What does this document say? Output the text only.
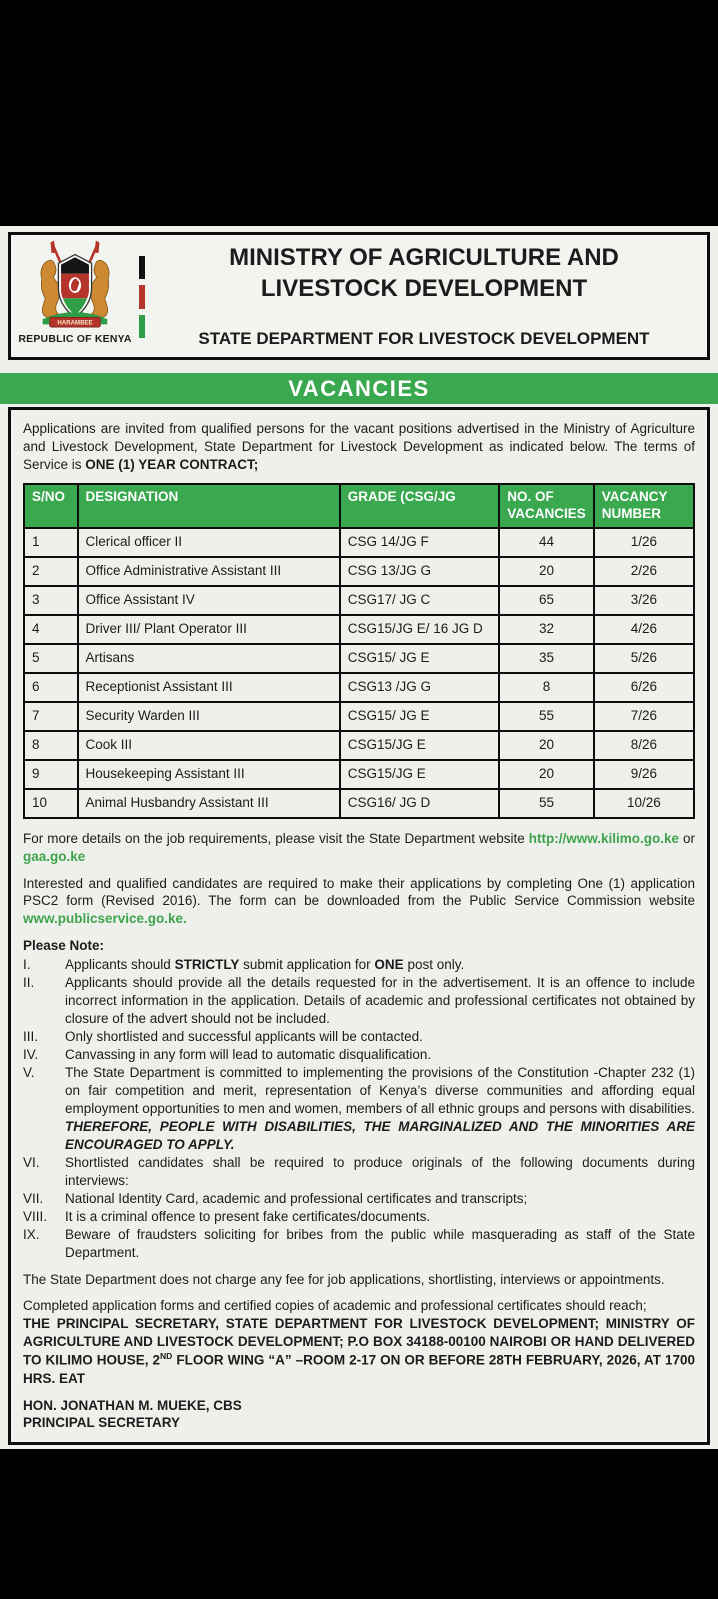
HARAMBEE
REPUBLIC OF KENYA
MINISTRY OF AGRICULTURE AND
LIVESTOCK DEVELOPMENT
STATE DEPARTMENT FOR LIVESTOCK DEVELOPMENT
VACANCIES

Applications are invited from qualified persons for the vacant positions advertised in the Ministry of Agriculture and Livestock Development, State Department for Livestock Development as indicated below. The terms of Service is ONE (1) YEAR CONTRACT;

S/NO	DESIGNATION	GRADE (CSG/JG	NO. OF VACANCIES	VACANCY NUMBER
1	Clerical officer II	CSG 14/JG F	44	1/26
2	Office Administrative Assistant III	CSG 13/JG G	20	2/26
3	Office Assistant IV	CSG17/ JG C	65	3/26
4	Driver III/ Plant Operator III	CSG15/JG E/ 16 JG D	32	4/26
5	Artisans	CSG15/ JG E	35	5/26
6	Receptionist Assistant III	CSG13 /JG G	8	6/26
7	Security Warden III	CSG15/ JG E	55	7/26
8	Cook III	CSG15/JG E	20	8/26
9	Housekeeping Assistant III	CSG15/JG E	20	9/26
10	Animal Husbandry Assistant III	CSG16/ JG D	55	10/26

For more details on the job requirements, please visit the State Department website http://www.kilimo.go.ke or gaa.go.ke

Interested and qualified candidates are required to make their applications by completing One (1) application PSC2 form (Revised 2016). The form can be downloaded from the Public Service Commission website www.publicservice.go.ke.

Please Note:

I.	Applicants should STRICTLY submit application for ONE post only.
II.	Applicants should provide all the details requested for in the advertisement. It is an offence to include incorrect information in the application. Details of academic and professional certificates not obtained by closure of the advert should not be included.
III.	Only shortlisted and successful applicants will be contacted.
IV.	Canvassing in any form will lead to automatic disqualification.
V.	The State Department is committed to implementing the provisions of the Constitution -Chapter 232 (1) on fair competition and merit, representation of Kenya’s diverse communities and affording equal employment opportunities to men and women, members of all ethnic groups and persons with disabilities. THEREFORE, PEOPLE WITH DISABILITIES, THE MARGINALIZED AND THE MINORITIES ARE ENCOURAGED TO APPLY.
VI.	Shortlisted candidates shall be required to produce originals of the following documents during interviews:
VII.	National Identity Card, academic and professional certificates and transcripts;
VIII.	It is a criminal offence to present fake certificates/documents.
IX.	Beware of fraudsters soliciting for bribes from the public while masquerading as staff of the State Department.

The State Department does not charge any fee for job applications, shortlisting, interviews or appointments.

Completed application forms and certified copies of academic and professional certificates should reach;

THE PRINCIPAL SECRETARY, STATE DEPARTMENT FOR LIVESTOCK DEVELOPMENT; MINISTRY OF AGRICULTURE AND LIVESTOCK DEVELOPMENT; P.O BOX 34188-00100 NAIROBI OR HAND DELIVERED TO KILIMO HOUSE, 2ND FLOOR WING “A” –ROOM 2-17 ON OR BEFORE 28TH FEBRUARY, 2026, AT 1700 HRS. EAT

HON. JONATHAN M. MUEKE, CBS
PRINCIPAL SECRETARY
